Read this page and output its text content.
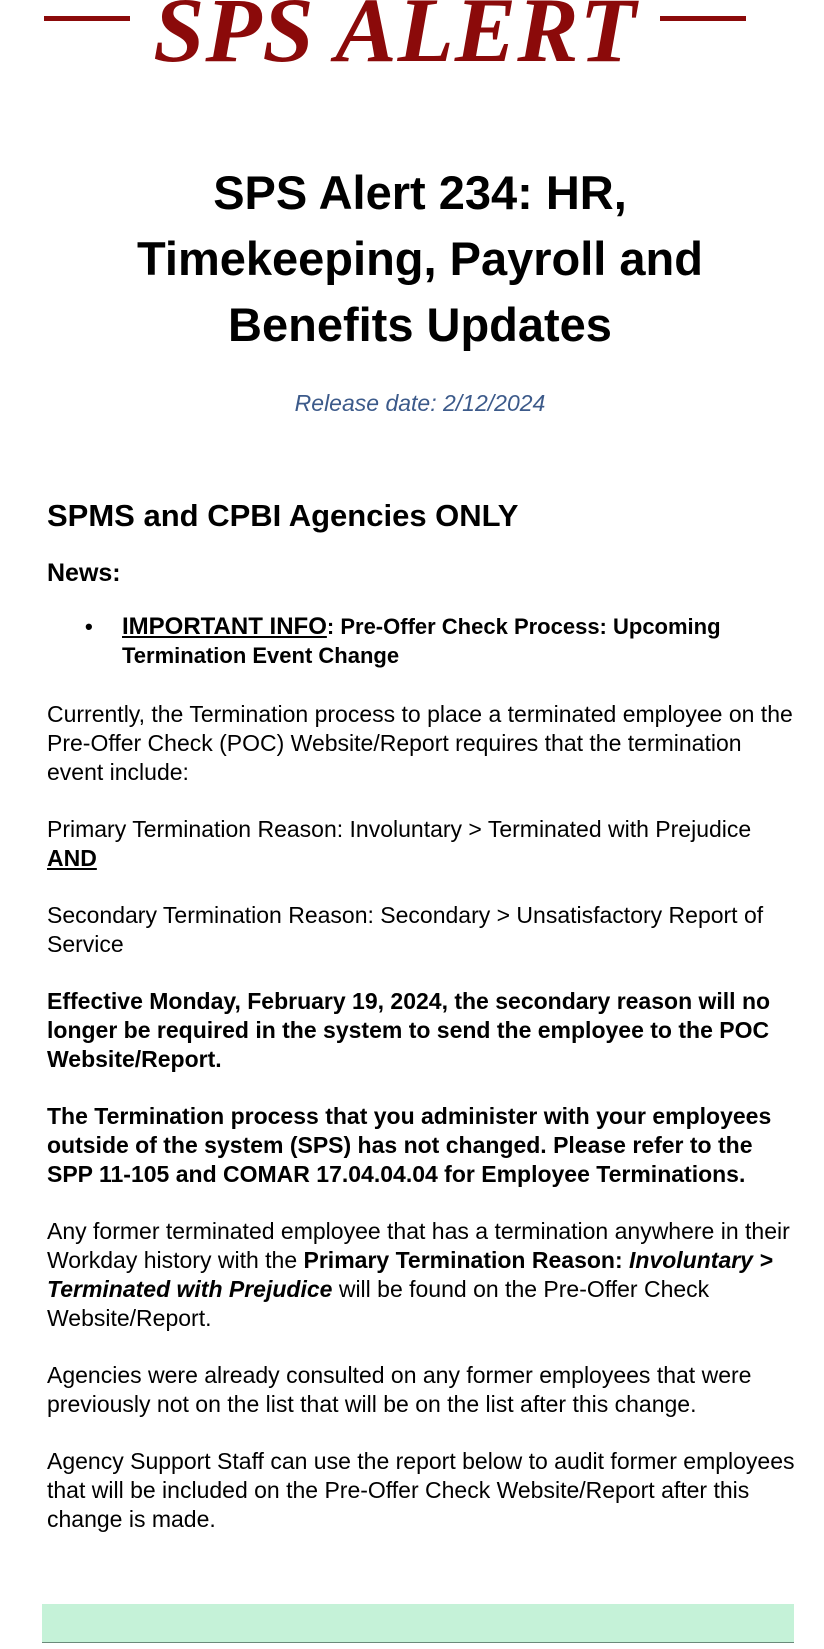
SPS ALERT
SPS Alert 234: HR, Timekeeping, Payroll and Benefits Updates
Release date: 2/12/2024
SPMS and CPBI Agencies ONLY
News:
• IMPORTANT INFO: Pre-Offer Check Process: Upcoming Termination Event Change

Currently, the Termination process to place a terminated employee on the Pre-Offer Check (POC) Website/Report requires that the termination event include:

Primary Termination Reason: Involuntary > Terminated with Prejudice AND

Secondary Termination Reason: Secondary > Unsatisfactory Report of Service

Effective Monday, February 19, 2024, the secondary reason will no longer be required in the system to send the employee to the POC Website/Report.

The Termination process that you administer with your employees outside of the system (SPS) has not changed. Please refer to the SPP 11-105 and COMAR 17.04.04.04 for Employee Terminations.

Any former terminated employee that has a termination anywhere in their Workday history with the Primary Termination Reason: Involuntary > Terminated with Prejudice will be found on the Pre-Offer Check Website/Report.

Agencies were already consulted on any former employees that were previously not on the list that will be on the list after this change.

Agency Support Staff can use the report below to audit former employees that will be included on the Pre-Offer Check Website/Report after this change is made.
